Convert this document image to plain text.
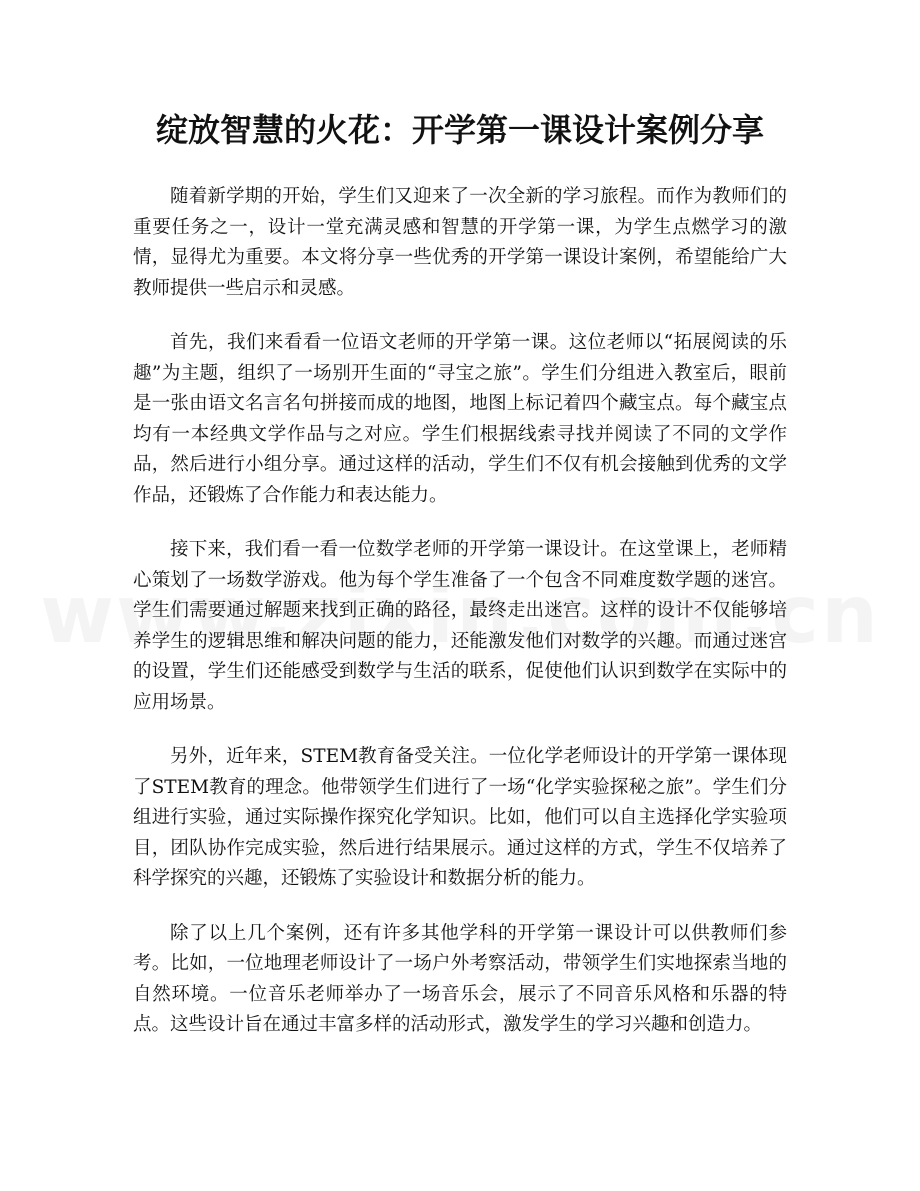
绽放智慧的火花：开学第一课设计案例分享

随着新学期的开始，学生们又迎来了一次全新的学习旅程。而作为教师们的重要任务之一，设计一堂充满灵感和智慧的开学第一课，为学生点燃学习的激情，显得尤为重要。本文将分享一些优秀的开学第一课设计案例，希望能给广大教师提供一些启示和灵感。

首先，我们来看看一位语文老师的开学第一课。这位老师以“拓展阅读的乐趣”为主题，组织了一场别开生面的“寻宝之旅”。学生们分组进入教室后，眼前是一张由语文名言名句拼接而成的地图，地图上标记着四个藏宝点。每个藏宝点均有一本经典文学作品与之对应。学生们根据线索寻找并阅读了不同的文学作品，然后进行小组分享。通过这样的活动，学生们不仅有机会接触到优秀的文学作品，还锻炼了合作能力和表达能力。

接下来，我们看一看一位数学老师的开学第一课设计。在这堂课上，老师精心策划了一场数学游戏。他为每个学生准备了一个包含不同难度数学题的迷宫。学生们需要通过解题来找到正确的路径，最终走出迷宫。这样的设计不仅能够培养学生的逻辑思维和解决问题的能力，还能激发他们对数学的兴趣。而通过迷宫的设置，学生们还能感受到数学与生活的联系，促使他们认识到数学在实际中的应用场景。

另外，近年来，STEM教育备受关注。一位化学老师设计的开学第一课体现了STEM教育的理念。他带领学生们进行了一场“化学实验探秘之旅”。学生们分组进行实验，通过实际操作探究化学知识。比如，他们可以自主选择化学实验项目，团队协作完成实验，然后进行结果展示。通过这样的方式，学生不仅培养了科学探究的兴趣，还锻炼了实验设计和数据分析的能力。

除了以上几个案例，还有许多其他学科的开学第一课设计可以供教师们参考。比如，一位地理老师设计了一场户外考察活动，带领学生们实地探索当地的自然环境。一位音乐老师举办了一场音乐会，展示了不同音乐风格和乐器的特点。这些设计旨在通过丰富多样的活动形式，激发学生的学习兴趣和创造力。
